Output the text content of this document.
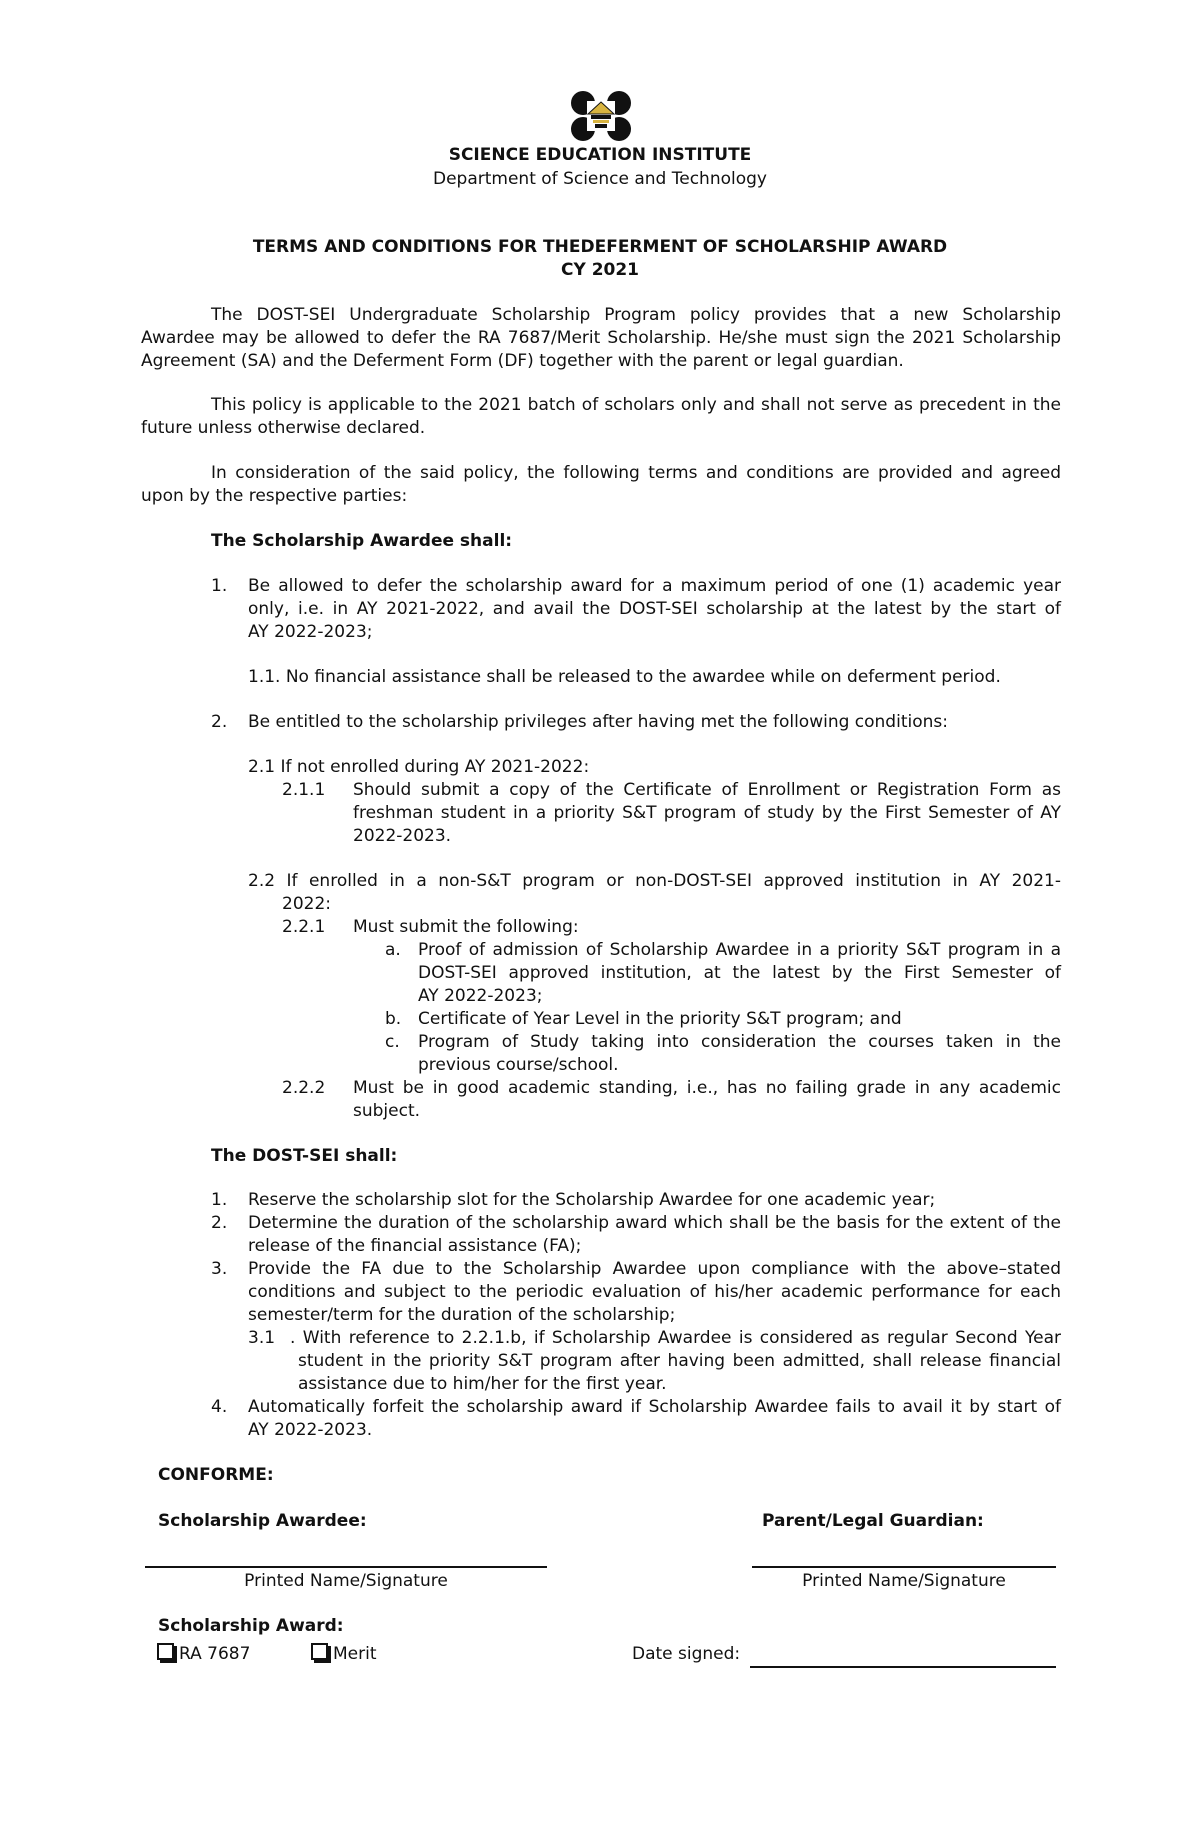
SCIENCE EDUCATION INSTITUTE
Department of Science and Technology
TERMS AND CONDITIONS FOR THEDEFERMENT OF SCHOLARSHIP AWARD
CY 2021
The DOST-SEI Undergraduate Scholarship Program policy provides that a new Scholarship
Awardee may be allowed to defer the RA 7687/Merit Scholarship. He/she must sign the 2021 Scholarship
Agreement (SA) and the Deferment Form (DF) together with the parent or legal guardian.
This policy is applicable to the 2021 batch of scholars only and shall not serve as precedent in the
future unless otherwise declared.
In consideration of the said policy, the following terms and conditions are provided and agreed
upon by the respective parties:
The Scholarship Awardee shall:
1. Be allowed to defer the scholarship award for a maximum period of one (1) academic year
only, i.e. in AY 2021-2022, and avail the DOST-SEI scholarship at the latest by the start of
AY 2022-2023;
1.1. No financial assistance shall be released to the awardee while on deferment period.
2. Be entitled to the scholarship privileges after having met the following conditions:
2.1 If not enrolled during AY 2021-2022:
2.1.1 Should submit a copy of the Certificate of Enrollment or Registration Form as
freshman student in a priority S&T program of study by the First Semester of AY
2022-2023.
2.2 If enrolled in a non-S&T program or non-DOST-SEI approved institution in AY 2021-
2022:
2.2.1 Must submit the following:
a. Proof of admission of Scholarship Awardee in a priority S&T program in a
DOST-SEI approved institution, at the latest by the First Semester of
AY 2022-2023;
b. Certificate of Year Level in the priority S&T program; and
c. Program of Study taking into consideration the courses taken in the
previous course/school.
2.2.2 Must be in good academic standing, i.e., has no failing grade in any academic
subject.
The DOST-SEI shall:
1. Reserve the scholarship slot for the Scholarship Awardee for one academic year;
2. Determine the duration of the scholarship award which shall be the basis for the extent of the
release of the financial assistance (FA);
3. Provide the FA due to the Scholarship Awardee upon compliance with the above–stated
conditions and subject to the periodic evaluation of his/her academic performance for each
semester/term for the duration of the scholarship;
3.1 . With reference to 2.2.1.b, if Scholarship Awardee is considered as regular Second Year
student in the priority S&T program after having been admitted, shall release financial
assistance due to him/her for the first year.
4. Automatically forfeit the scholarship award if Scholarship Awardee fails to avail it by start of
AY 2022-2023.
CONFORME:
Scholarship Awardee:	Parent/Legal Guardian:
Printed Name/Signature	Printed Name/Signature
Scholarship Award:
RA 7687	Merit	Date signed:
